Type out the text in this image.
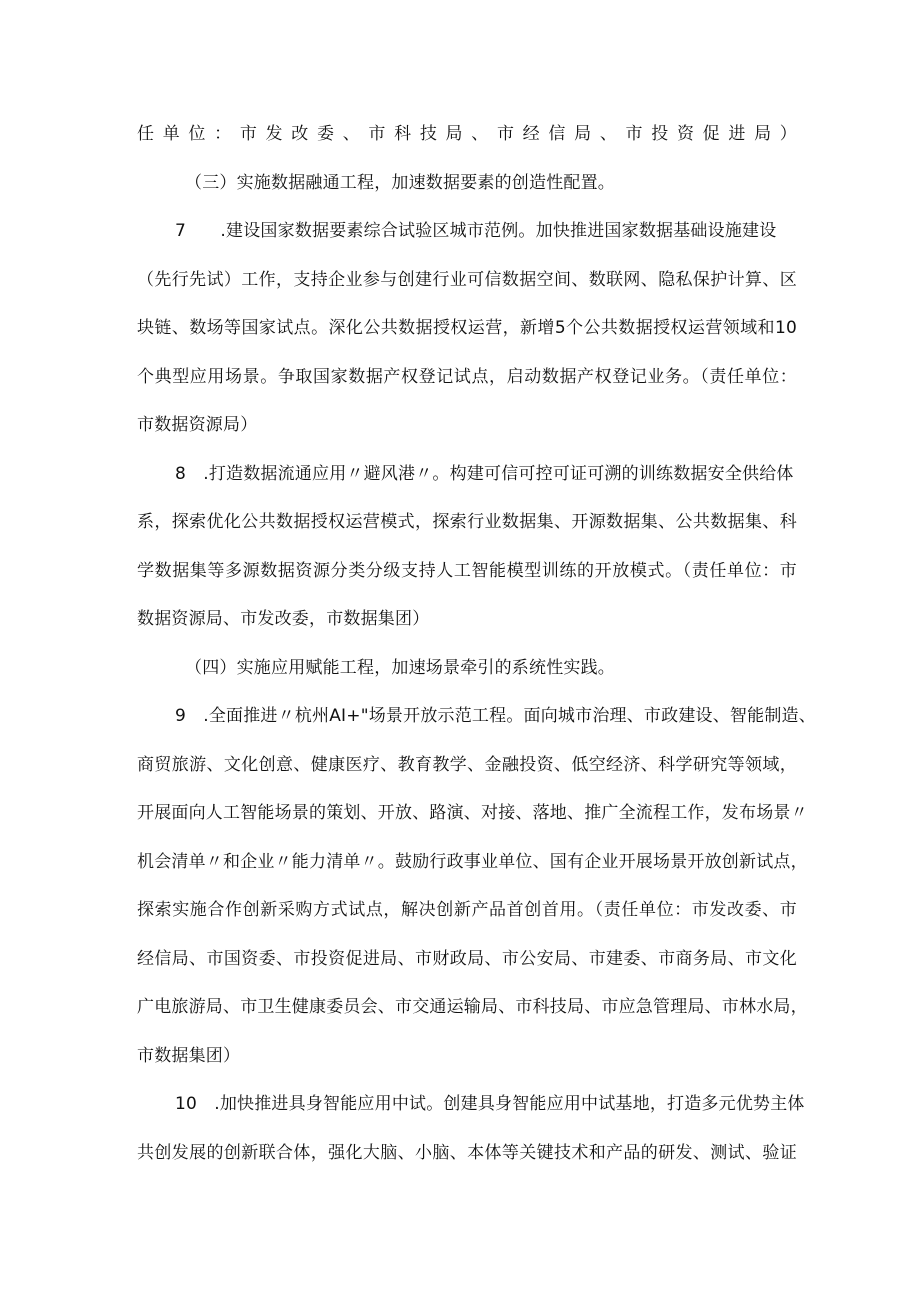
任单位：市发改委、市科技局、市经信局、市投资促进局）
（三）实施数据融通工程，加速数据要素的创造性配置。
7　　.建设国家数据要素综合试验区城市范例。加快推进国家数据基础设施建设
（先行先试）工作，支持企业参与创建行业可信数据空间、数联网、隐私保护计算、区
块链、数场等国家试点。深化公共数据授权运营，新增5个公共数据授权运营领域和10
个典型应用场景。争取国家数据产权登记试点，启动数据产权登记业务。（责任单位：
市数据资源局）
8　.打造数据流通应用〃避风港〃。构建可信可控可证可溯的训练数据安全供给体
系，探索优化公共数据授权运营模式，探索行业数据集、开源数据集、公共数据集、科
学数据集等多源数据资源分类分级支持人工智能模型训练的开放模式。（责任单位：市
数据资源局、市发改委，市数据集团）
（四）实施应用赋能工程，加速场景牵引的系统性实践。
9　.全面推进〃杭州AI+"场景开放示范工程。面向城市治理、市政建设、智能制造、
商贸旅游、文化创意、健康医疗、教育教学、金融投资、低空经济、科学研究等领域，
开展面向人工智能场景的策划、开放、路演、对接、落地、推广全流程工作，发布场景〃
机会清单〃和企业〃能力清单〃。鼓励行政事业单位、国有企业开展场景开放创新试点，
探索实施合作创新采购方式试点，解决创新产品首创首用。（责任单位：市发改委、市
经信局、市国资委、市投资促进局、市财政局、市公安局、市建委、市商务局、市文化
广电旅游局、市卫生健康委员会、市交通运输局、市科技局、市应急管理局、市林水局，
市数据集团）
10　.加快推进具身智能应用中试。创建具身智能应用中试基地，打造多元优势主体
共创发展的创新联合体，强化大脑、小脑、本体等关键技术和产品的研发、测试、验证
